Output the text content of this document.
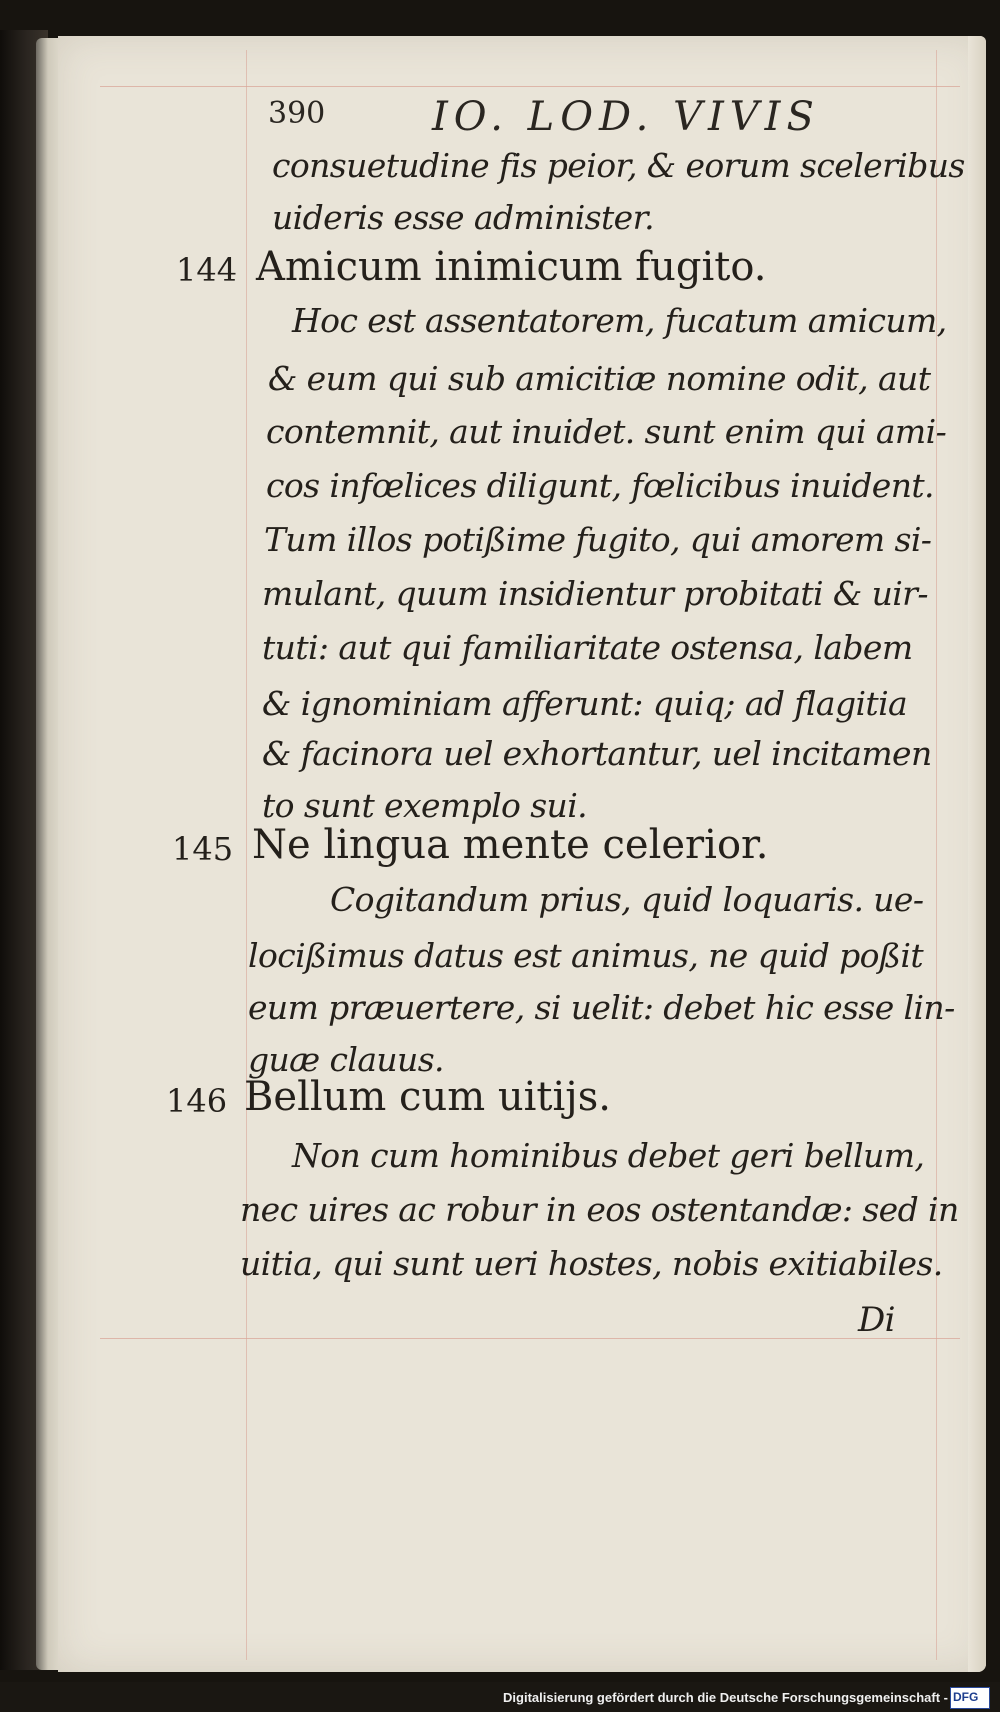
390	IO. LOD. VIVIS
consuetudine fis peior, & eorum sceleribus
uideris esse administer.
144 Amicum inimicum fugito.
Hoc est assentatorem, fucatum amicum,
& eum qui sub amicitiæ nomine odit, aut
contemnit, aut inuidet. sunt enim qui ami-
cos infœlices diligunt, fœlicibus inuident.
Tum illos potißime fugito, qui amorem si-
mulant, quum insidientur probitati & uir-
tuti: aut qui familiaritate ostensa, labem
& ignominiam afferunt: quiq; ad flagitia
& facinora uel exhortantur, uel incitamen
to sunt exemplo sui.
145 Ne lingua mente celerior.
Cogitandum prius, quid loquaris. ue-
locißimus datus est animus, ne quid poßit
eum præuertere, si uelit: debet hic esse lin-
guæ clauus.
146 Bellum cum uitijs.
Non cum hominibus debet geri bellum,
nec uires ac robur in eos ostentandæ: sed in
uitia, qui sunt ueri hostes, nobis exitiabiles.
Di
Digitalisierung gefördert durch die Deutsche Forschungsgemeinschaft - DFG
